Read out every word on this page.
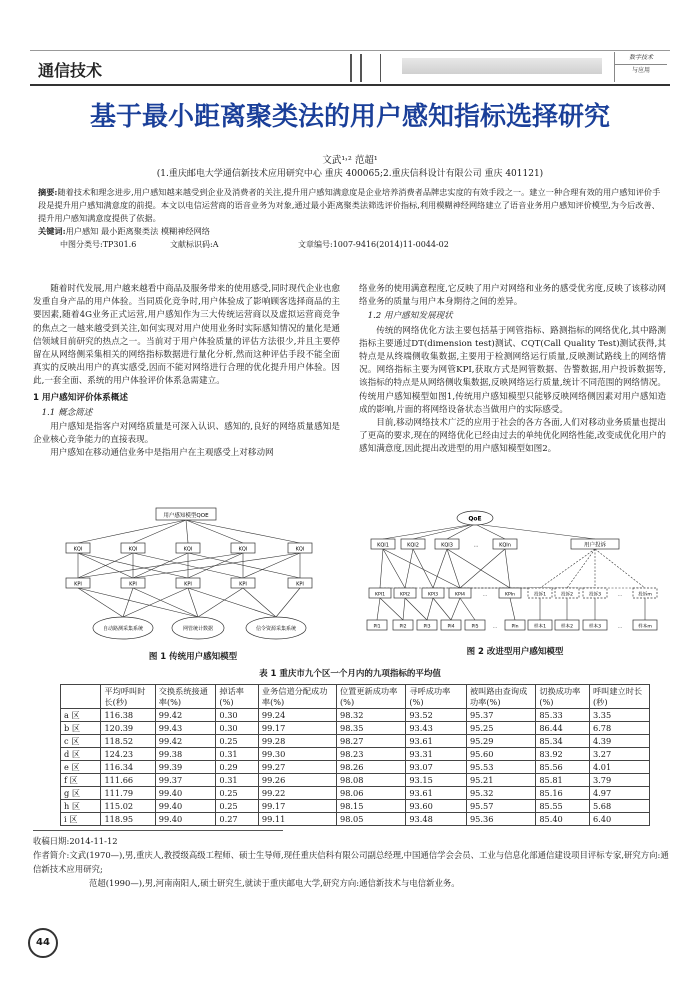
通信技术
数字技术
与应用
基于最小距离聚类法的用户感知指标选择研究
文武¹˒² 范超¹
(1.重庆邮电大学通信新技术应用研究中心 重庆 400065;2.重庆信科设计有限公司 重庆 401121)
摘要:随着技术和理念进步,用户感知越来越受到企业及消费者的关注,提升用户感知满意度是企业培养消费者品牌忠实度的有效手段之一。建立一种合理有效的用户感知评价手段是提升用户感知满意度的前提。本文以电信运营商的语音业务为对象,通过最小距离聚类法筛选评价指标,利用模糊神经网络建立了语音业务用户感知评价模型,为今后改善、提升用户感知满意度提供了依据。
关键词:用户感知 最小距离聚类法 模糊神经网络
中图分类号:TP301.6	文献标识码:A	文章编号:1007-9416(2014)11-0044-02

随着时代发展,用户越来越看中商品及服务带来的使用感受,同时现代企业也愈发重自身产品的用户体验。当同质化竞争时,用户体验成了影响顾客选择商品的主要因素,随着4G业务正式运营,用户感知作为三大传统运营商以及虚拟运营商竞争的焦点之一越来越受到关注,如何实现对用户使用业务时实际感知情况的量化是通信领域目前研究的热点之一。当前对于用户体验质量的评估方法很少,并且主要停留在从网络侧采集相关的网络指标数据进行量化分析,然而这种评估手段不能全面真实的反映出用户的真实感受,因而不能对网络进行合理的优化提升用户体验。因此,一套全面、系统的用户体验评价体系急需建立。

1 用户感知评价体系概述
1.1 概念简述

用户感知是指客户对网络质量是可深入认识、感知的,良好的网络质量感知是企业核心竞争能力的直接表现。

用户感知在移动通信业务中是指用户在主观感受上对移动网

络业务的使用满意程度,它反映了用户对网络和业务的感受优劣度,反映了该移动网络业务的质量与用户本身期待之间的差异。

1.2 用户感知发展现状

传统的网络优化方法主要包括基于网管指标、路测指标的网络优化,其中路测指标主要通过DT(dimension test)测试、CQT(Call Quality Test)测试获得,其特点是从终端侧收集数据,主要用于检测网络运行质量,反映测试路线上的网络情况。网络指标主要为网管KPI,获取方式是网管数据、告警数据,用户投诉数据等,该指标的特点是从网络侧收集数据,反映网络运行质量,统计不同范围的网络情况。传统用户感知模型如图1,传统用户感知模型只能够反映网络侧因素对用户感知造成的影响,片面的将网络设备状态当做用户的实际感受。

目前,移动网络技术广泛的应用于社会的各方各面,人们对移动业务质量也提出了更高的要求,现在的网络优化已经由过去的单纯优化网络性能,改变成优化用户的感知满意度,因此提出改进型的用户感知模型如图2。

用户感知模型QOE
KQI	KQI	KQI	KQI	KQI
KPI	KPI	KPI	KPI	KPI
自动路测采集系统	网管统计数据	信令资源采集系统
图 1 传统用户感知模型
QoE
KQI1	KQI2	KQI3	...	KQIn	用户投诉
KPI1	KPI2	KPI3	KPI4	...	KPIn	投诉1	投诉2	投诉3	...	投诉m
PI1	PI2	PI3	PI4	PI5	...	PIn	样本1	样本2	样本3	...	样本m
图 2 改进型用户感知模型
表 1 重庆市九个区一个月内的九项指标的平均值
	平均呼叫时长(秒)	交换系统接通率(%)	掉话率(%)	业务信道分配成功率(%)	位置更新成功率(%)	寻呼成功率(%)	被叫路由查询成功率(%)	切换成功率(%)	呼叫建立时长(秒)
a 区	116.38	99.42	0.30	99.24	98.32	93.52	95.37	85.33	3.35
b 区	120.39	99.43	0.30	99.17	98.35	93.43	95.25	86.44	6.78
c 区	118.52	99.42	0.25	99.28	98.27	93.61	95.29	85.34	4.39
d 区	124.23	99.38	0.31	99.30	98.23	93.31	95.60	83.92	3.27
e 区	116.34	99.39	0.29	99.27	98.26	93.07	95.53	85.56	4.01
f 区	111.66	99.37	0.31	99.26	98.08	93.15	95.21	85.81	3.79
g 区	111.79	99.40	0.25	99.22	98.06	93.61	95.32	85.16	4.97
h 区	115.02	99.40	0.25	99.17	98.15	93.60	95.57	85.55	5.68
i 区	118.95	99.40	0.27	99.11	98.05	93.48	95.36	85.40	6.40
收稿日期:2014-11-12
作者简介:文武(1970—),男,重庆人,教授级高级工程师、硕士生导师,现任重庆信科有限公司副总经理,中国通信学会会员、工业与信息化部通信建设项目评标专家,研究方向:通信新技术应用研究;
范超(1990—),男,河南南阳人,硕士研究生,就读于重庆邮电大学,研究方向:通信新技术与电信新业务。
44
